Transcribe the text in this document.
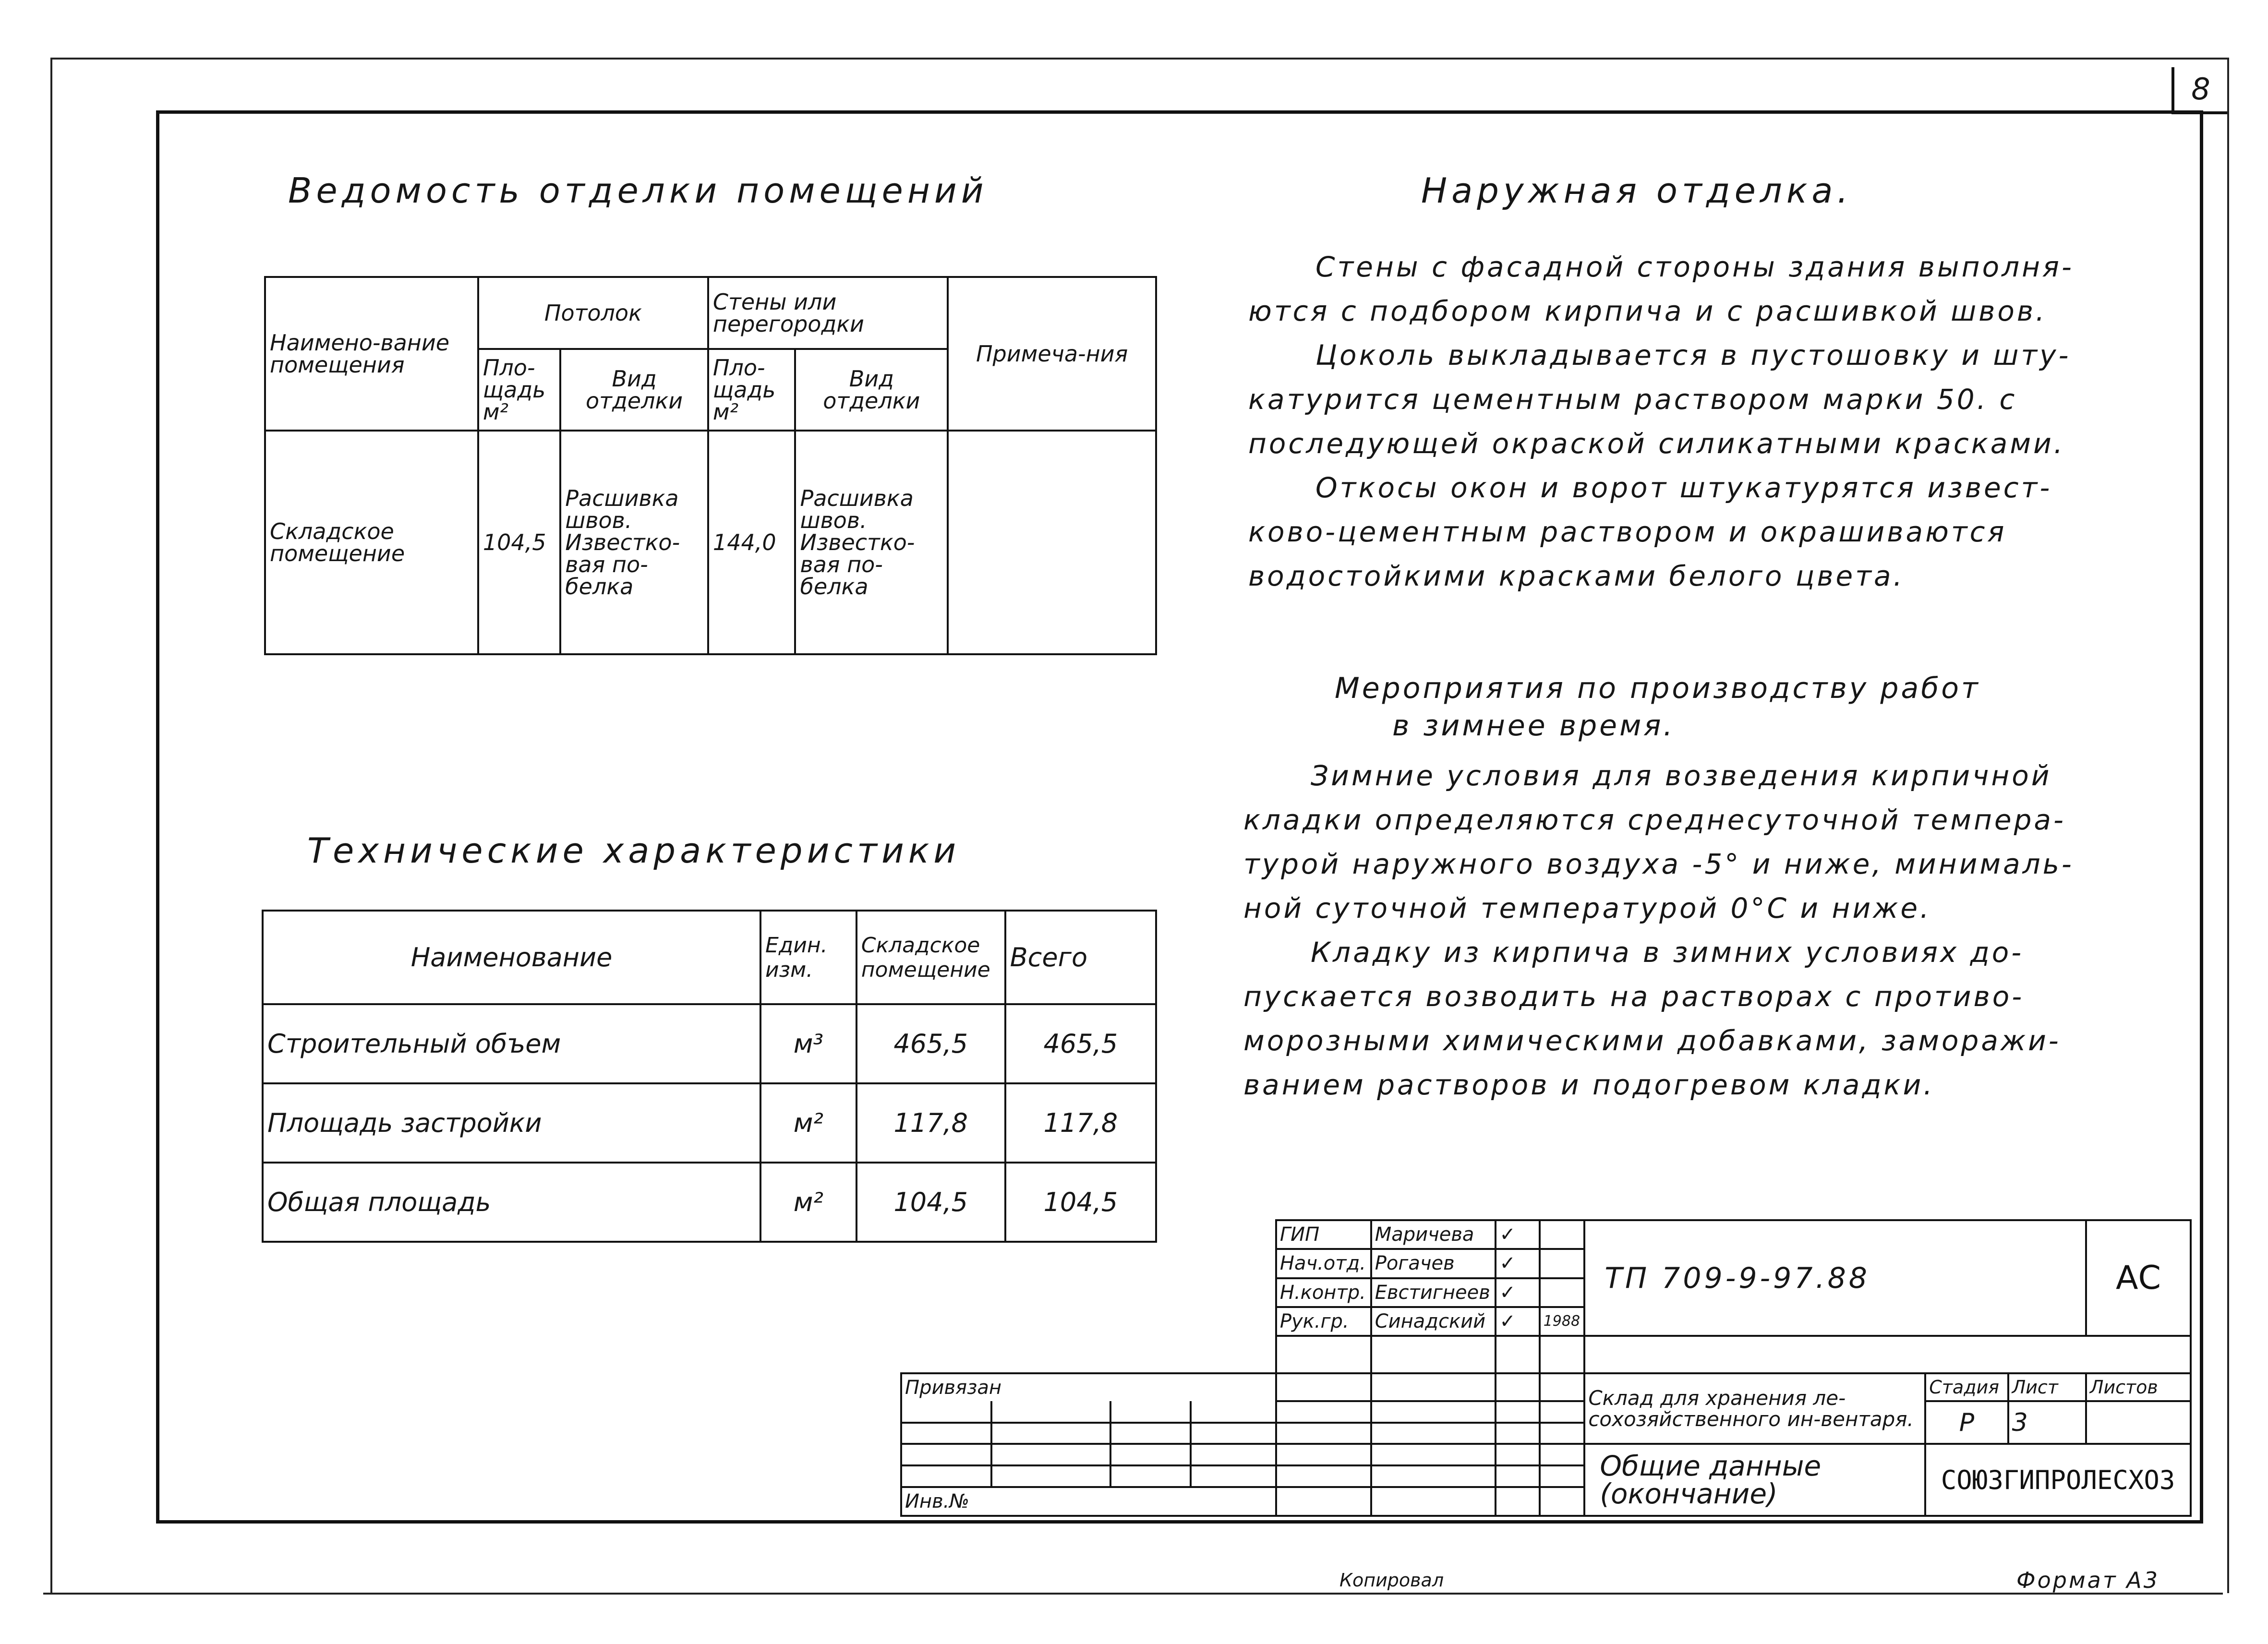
8
Ведомость отделки помещений
Наимено-вание помещения	Потолок		Стены или перегородки		Примеча-ния
	Пло-щадь м²	Вид отделки	Пло-щадь м²	Вид отделки	
Складское помещение	104,5	Расшивка швов. Известко-вая по-белка	144,0	Расшивка швов. Известко-вая по-белка	
Технические характеристики
Наименование	Един. изм.	Складское помещение	Всего
Строительный объем	м³	465,5	465,5
Площадь застройки	м²	117,8	117,8
Общая площадь	м²	104,5	104,5
Наружная отделка.
Стены с фасадной стороны здания выполня-
ются с подбором кирпича и с расшивкой швов.
Цоколь выкладывается в пустошовку и шту-
катурится цементным раствором марки 50. с
последующей окраской силикатными красками.
Откосы окон и ворот штукатурятся извест-
ково-цементным раствором и окрашиваются
водостойкими красками белого цвета.
Мероприятия по производству работ
в зимнее время.
Зимние условия для возведения кирпичной
кладки определяются среднесуточной темпера-
турой наружного воздуха -5° и ниже, минималь-
ной суточной температурой 0°С и ниже.
Кладку из кирпича в зимних условиях до-
пускается возводить на растворах с противо-
морозными химическими добавками, заморажи-
ванием растворов и подогревом кладки.
				ГИП	Маричева	✓		ТП 709-9-97.88			АС
				Нач.отд.	Рогачев	✓					
				Н.контр.	Евстигнеев	✓					
				Рук.гр.	Синадский	✓	1988				

Привязан								Склад для хранения ле-сохозяйственного ин-вентаря.	Стадия	Лист	Листов
									Р	3	

								Общие данные (окончание)	СОЮЗГИПРОЛЕСХОЗ		

Инв.№											
Копировал	Формат А3
